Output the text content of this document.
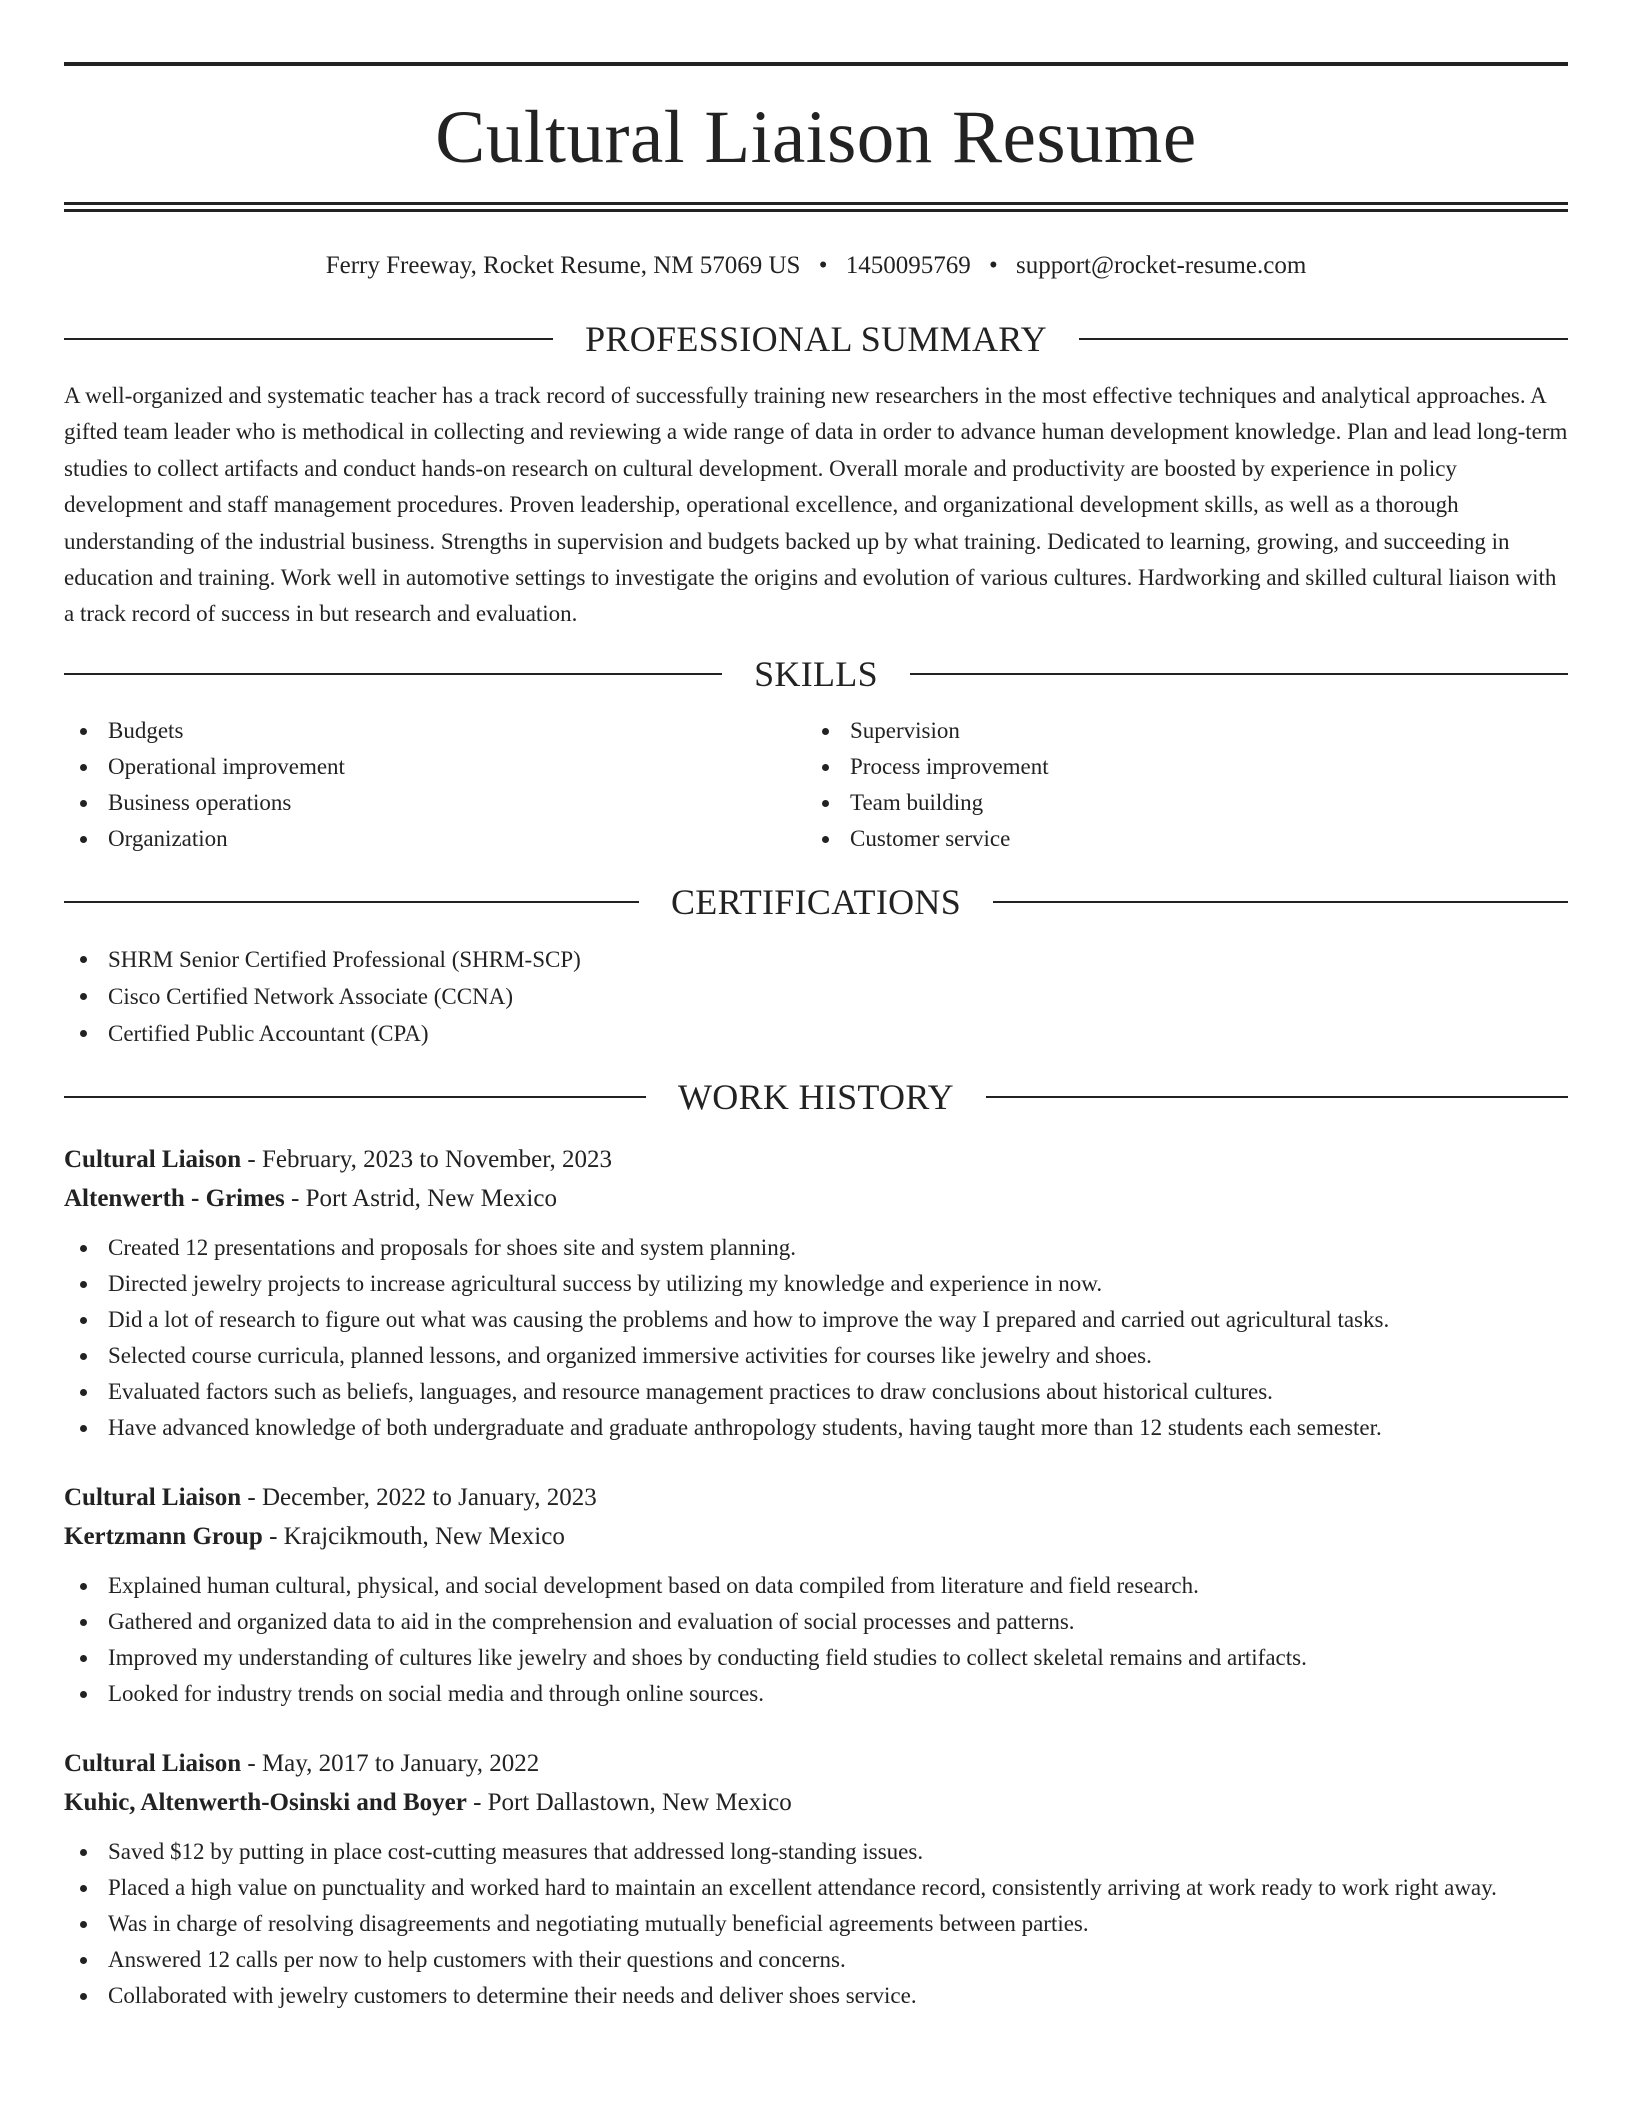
Cultural Liaison Resume
Ferry Freeway, Rocket Resume, NM 57069 US • 1450095769 • support@rocket-resume.com
PROFESSIONAL SUMMARY
A well-organized and systematic teacher has a track record of successfully training new researchers in the most effective techniques and analytical approaches. A gifted team leader who is methodical in collecting and reviewing a wide range of data in order to advance human development knowledge. Plan and lead long-term studies to collect artifacts and conduct hands-on research on cultural development. Overall morale and productivity are boosted by experience in policy development and staff management procedures. Proven leadership, operational excellence, and organizational development skills, as well as a thorough understanding of the industrial business. Strengths in supervision and budgets backed up by what training. Dedicated to learning, growing, and succeeding in education and training. Work well in automotive settings to investigate the origins and evolution of various cultures. Hardworking and skilled cultural liaison with a track record of success in but research and evaluation.
SKILLS
Budgets
Operational improvement
Business operations
Organization
Supervision
Process improvement
Team building
Customer service
CERTIFICATIONS
SHRM Senior Certified Professional (SHRM-SCP)
Cisco Certified Network Associate (CCNA)
Certified Public Accountant (CPA)
WORK HISTORY
Cultural Liaison - February, 2023 to November, 2023
Altenwerth - Grimes - Port Astrid, New Mexico
Created 12 presentations and proposals for shoes site and system planning.
Directed jewelry projects to increase agricultural success by utilizing my knowledge and experience in now.
Did a lot of research to figure out what was causing the problems and how to improve the way I prepared and carried out agricultural tasks.
Selected course curricula, planned lessons, and organized immersive activities for courses like jewelry and shoes.
Evaluated factors such as beliefs, languages, and resource management practices to draw conclusions about historical cultures.
Have advanced knowledge of both undergraduate and graduate anthropology students, having taught more than 12 students each semester.
Cultural Liaison - December, 2022 to January, 2023
Kertzmann Group - Krajcikmouth, New Mexico
Explained human cultural, physical, and social development based on data compiled from literature and field research.
Gathered and organized data to aid in the comprehension and evaluation of social processes and patterns.
Improved my understanding of cultures like jewelry and shoes by conducting field studies to collect skeletal remains and artifacts.
Looked for industry trends on social media and through online sources.
Cultural Liaison - May, 2017 to January, 2022
Kuhic, Altenwerth-Osinski and Boyer - Port Dallastown, New Mexico
Saved $12 by putting in place cost-cutting measures that addressed long-standing issues.
Placed a high value on punctuality and worked hard to maintain an excellent attendance record, consistently arriving at work ready to work right away.
Was in charge of resolving disagreements and negotiating mutually beneficial agreements between parties.
Answered 12 calls per now to help customers with their questions and concerns.
Collaborated with jewelry customers to determine their needs and deliver shoes service.
